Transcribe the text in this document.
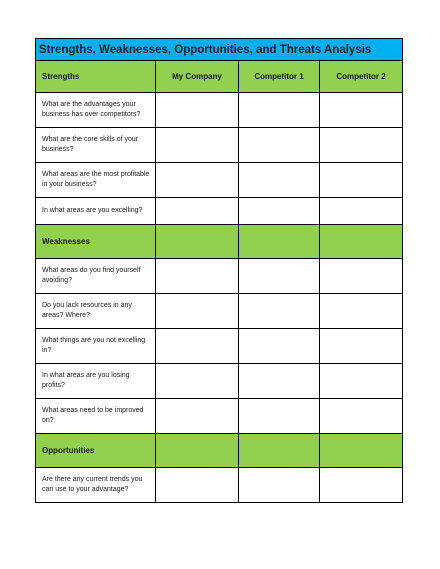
Strengths, Weaknesses, Opportunities, and Threats Analysis			
Strengths	My Company	Competitor 1	Competitor 2
What are the advantages your business has over competitors?			
What are the core skills of your business?			
What areas are the most profitable in your business?			
In what areas are you excelling?			
Weaknesses			
What areas do you find yourself avoiding?			
Do you lack resources in any areas? Where?			
What things are you not excelling in?			
In what areas are you losing profits?			
What areas need to be improved on?			
Opportunities			
Are there any current trends you can use to your advantage?			
